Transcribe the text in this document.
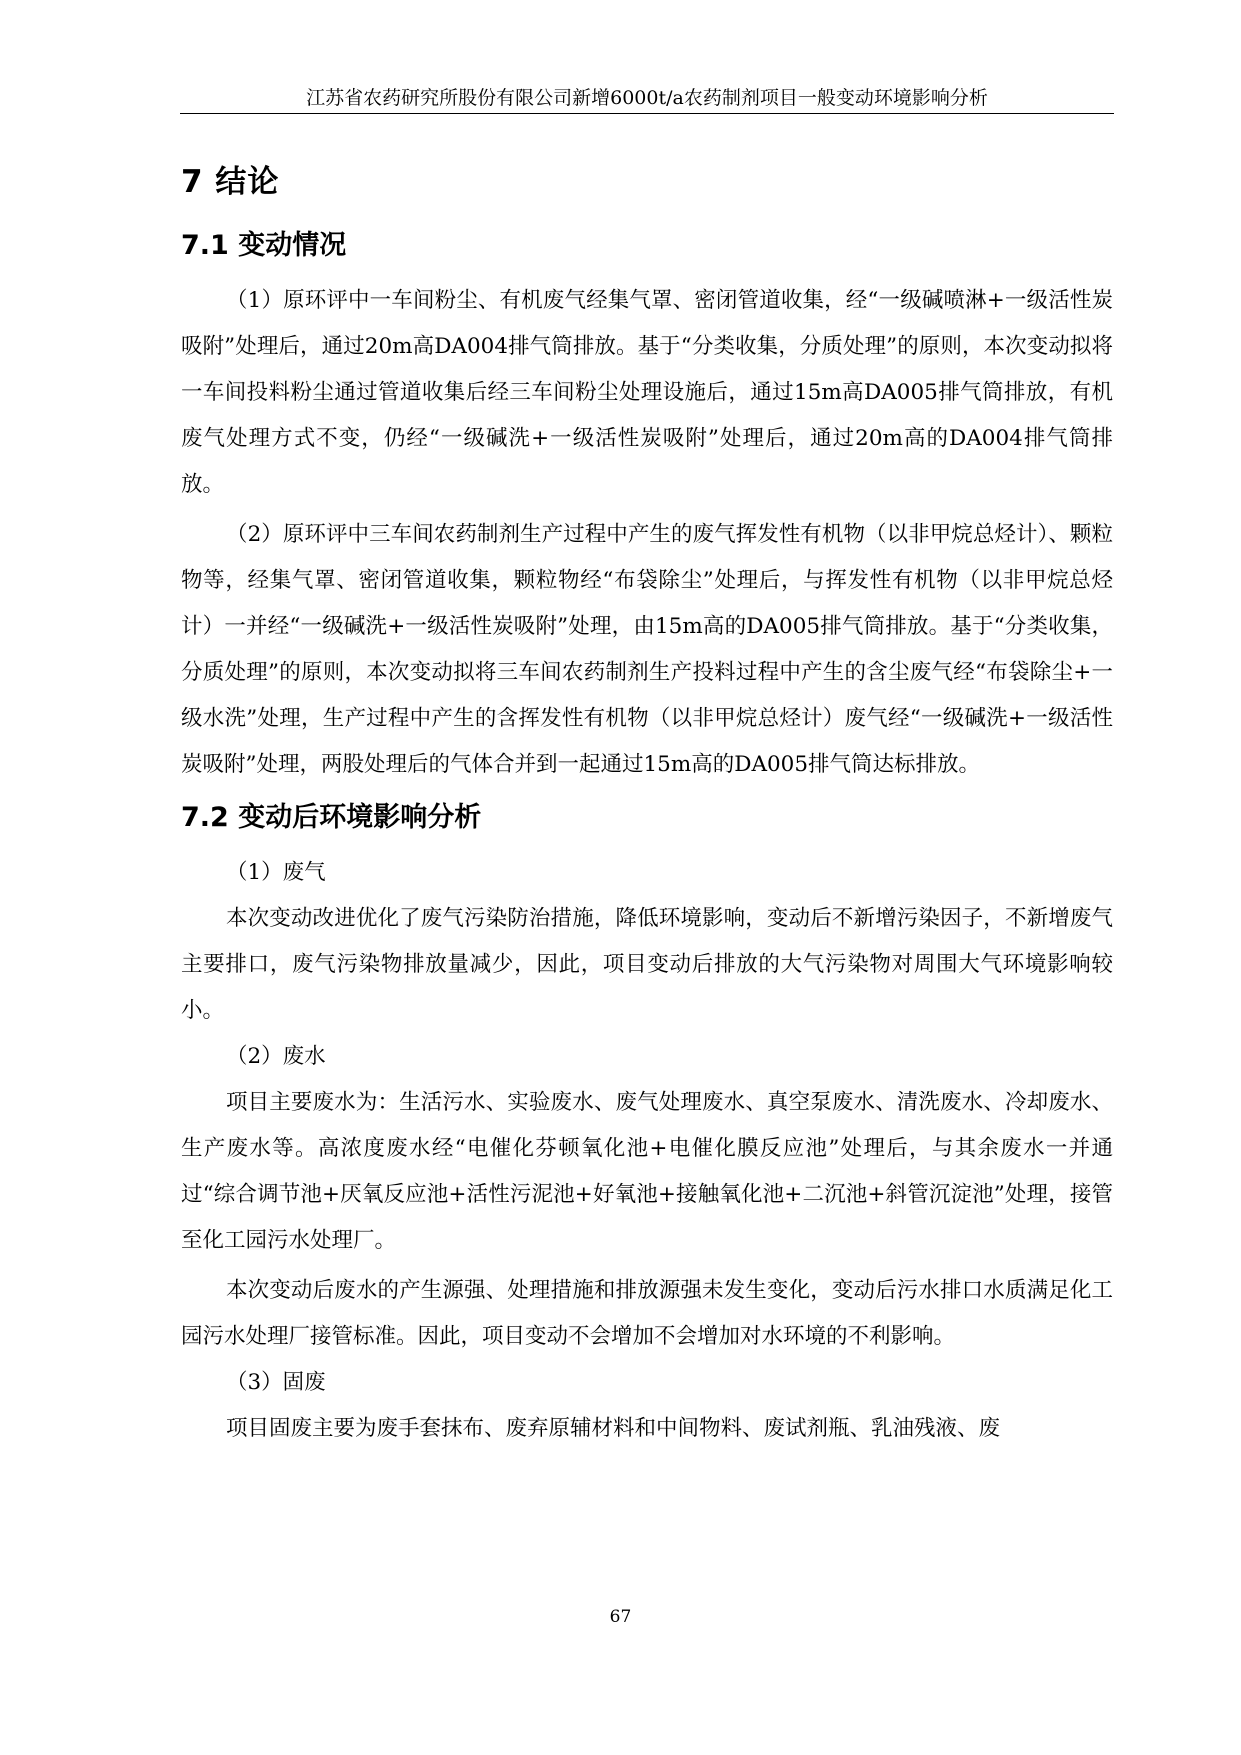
江苏省农药研究所股份有限公司新增6000t/a农药制剂项目一般变动环境影响分析
7 结论
7.1 变动情况

（1）原环评中一车间粉尘、有机废气经集气罩、密闭管道收集，经“一级碱喷淋+一级活性炭吸附”处理后，通过20m高DA004排气筒排放。基于“分类收集，分质处理”的原则，本次变动拟将一车间投料粉尘通过管道收集后经三车间粉尘处理设施后，通过15m高DA005排气筒排放，有机废气处理方式不变，仍经“一级碱洗+一级活性炭吸附”处理后，通过20m高的DA004排气筒排放。

（2）原环评中三车间农药制剂生产过程中产生的废气挥发性有机物（以非甲烷总烃计）、颗粒物等，经集气罩、密闭管道收集，颗粒物经“布袋除尘”处理后，与挥发性有机物（以非甲烷总烃计）一并经“一级碱洗+一级活性炭吸附”处理，由15m高的DA005排气筒排放。基于“分类收集，分质处理”的原则，本次变动拟将三车间农药制剂生产投料过程中产生的含尘废气经“布袋除尘+一级水洗”处理，生产过程中产生的含挥发性有机物（以非甲烷总烃计）废气经“一级碱洗+一级活性炭吸附”处理，两股处理后的气体合并到一起通过15m高的DA005排气筒达标排放。

7.2 变动后环境影响分析

（1）废气

本次变动改进优化了废气污染防治措施，降低环境影响，变动后不新增污染因子，不新增废气主要排口，废气污染物排放量减少，因此，项目变动后排放的大气污染物对周围大气环境影响较小。

（2）废水

项目主要废水为：生活污水、实验废水、废气处理废水、真空泵废水、清洗废水、冷却废水、生产废水等。高浓度废水经“电催化芬顿氧化池+电催化膜反应池”处理后，与其余废水一并通过“综合调节池+厌氧反应池+活性污泥池+好氧池+接触氧化池+二沉池+斜管沉淀池”处理，接管至化工园污水处理厂。

本次变动后废水的产生源强、处理措施和排放源强未发生变化，变动后污水排口水质满足化工园污水处理厂接管标准。因此，项目变动不会增加不会增加对水环境的不利影响。

（3）固废

项目固废主要为废手套抹布、废弃原辅材料和中间物料、废试剂瓶、乳油残液、废

67
